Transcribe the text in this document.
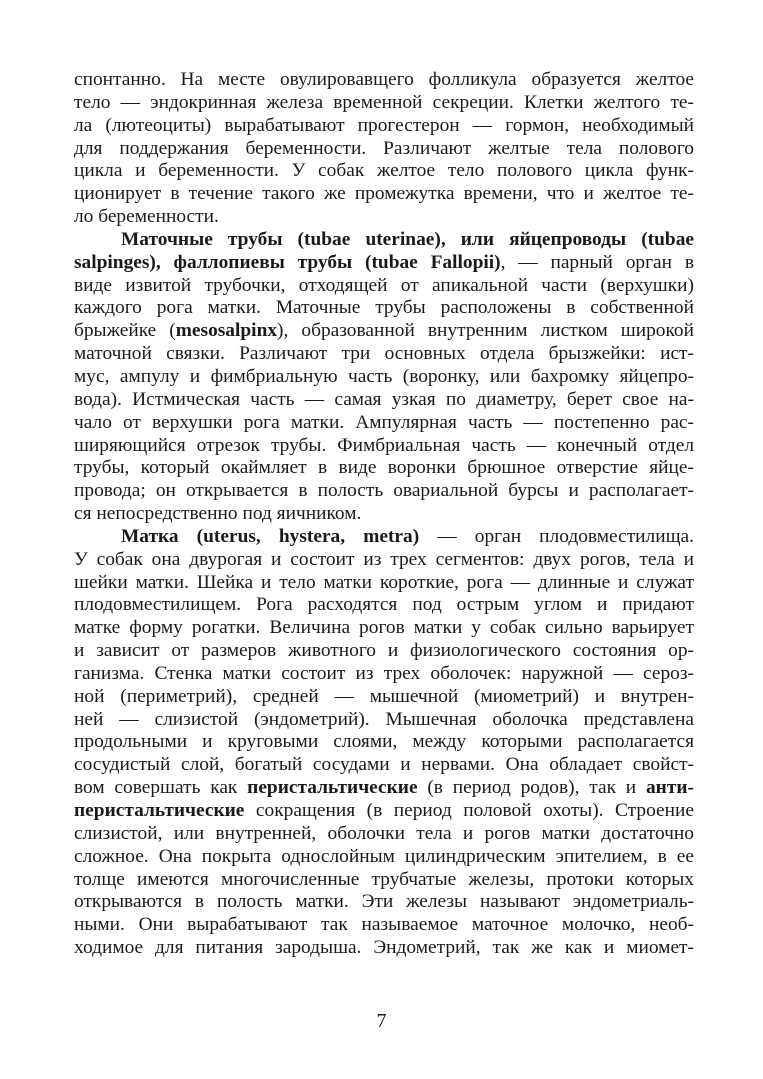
спонтанно. На месте овулировавщего фолликула образуется желтое
тело — эндокринная железа временной секреции. Клетки желтого те-
ла (лютеоциты) вырабатывают прогестерон — гормон, необходимый
для поддержания беременности. Различают желтые тела полового
цикла и беременности. У собак желтое тело полового цикла функ-
ционирует в течение такого же промежутка времени, что и желтое те-
ло беременности.
Маточные трубы (tubae uterinae), или яйцепроводы (tubae
salpinges), фаллопиевы трубы (tubae Fallopii), — парный орган в
виде извитой трубочки, отходящей от апикальной части (верхушки)
каждого рога матки. Маточные трубы расположены в собственной
брыжейке (mesosalpinx), образованной внутренним листком широкой
маточной связки. Различают три основных отдела брызжейки: ист-
мус, ампулу и фимбриальную часть (воронку, или бахромку яйцепро-
вода). Истмическая часть — самая узкая по диаметру, берет свое на-
чало от верхушки рога матки. Ампулярная часть — постепенно рас-
ширяющийся отрезок трубы. Фимбриальная часть — конечный отдел
трубы, который окаймляет в виде воронки брюшное отверстие яйце-
провода; он открывается в полость овариальной бурсы и располагает-
ся непосредственно под яичником.
Матка (uterus, hystera, metra) — орган плодовместилища.
У собак она двурогая и состоит из трех сегментов: двух рогов, тела и
шейки матки. Шейка и тело матки короткие, рога — длинные и служат
плодовместилищем. Рога расходятся под острым углом и придают
матке форму рогатки. Величина рогов матки у собак сильно варьирует
и зависит от размеров животного и физиологического состояния ор-
ганизма. Стенка матки состоит из трех оболочек: наружной — сероз-
ной (периметрий), средней — мышечной (миометрий) и внутрен-
ней — слизистой (эндометрий). Мышечная оболочка представлена
продольными и круговыми слоями, между которыми располагается
сосудистый слой, богатый сосудами и нервами. Она обладает свойст-
вом совершать как перистальтические (в период родов), так и анти-
перистальтические сокращения (в период половой охоты). Строение
слизистой, или внутренней, оболочки тела и рогов матки достаточно
сложное. Она покрыта однослойным цилиндрическим эпителием, в ее
толще имеются многочисленные трубчатые железы, протоки которых
открываются в полость матки. Эти железы называют эндометриаль-
ными. Они вырабатывают так называемое маточное молочко, необ-
ходимое для питания зародыша. Эндометрий, так же как и миомет-
7
